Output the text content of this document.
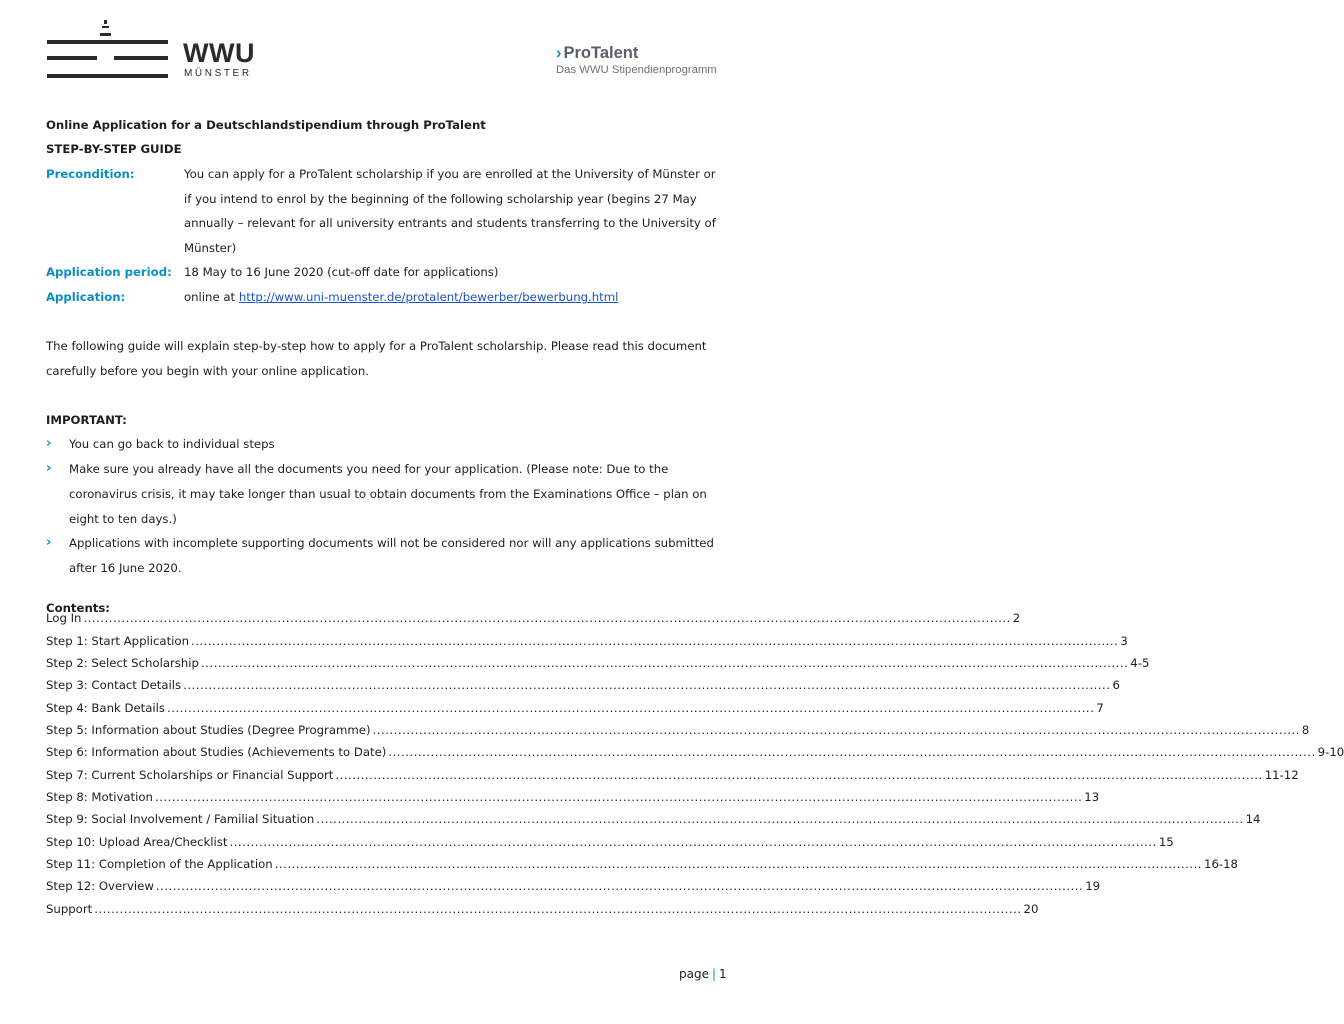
WWU
MÜNSTER
› ProTalent
Das WWU Stipendienprogramm
Online Application for a Deutschlandstipendium through ProTalent
STEP-BY-STEP GUIDE
Precondition:	You can apply for a ProTalent scholarship if you are enrolled at the University of Münster or
if you intend to enrol by the beginning of the following scholarship year (begins 27 May
annually – relevant for all university entrants and students transferring to the University of
Münster)
Application period: 18 May to 16 June 2020 (cut-off date for applications)
Application:	online at http://www.uni-muenster.de/protalent/bewerber/bewerbung.html
The following guide will explain step-by-step how to apply for a ProTalent scholarship. Please read this document
carefully before you begin with your online application.
IMPORTANT:
› You can go back to individual steps
› Make sure you already have all the documents you need for your application. (Please note: Due to the
coronavirus crisis, it may take longer than usual to obtain documents from the Examinations Office – plan on
eight to ten days.)
› Applications with incomplete supporting documents will not be considered nor will any applications submitted
after 16 June 2020.
Contents:
Log In ............................................................................................................................................................................................................................ 2
Step 1: Start Application ............................................................................................................................................................................................................................ 3
Step 2: Select Scholarship ............................................................................................................................................................................................................................ 4-5
Step 3: Contact Details ............................................................................................................................................................................................................................ 6
Step 4: Bank Details ............................................................................................................................................................................................................................ 7
Step 5: Information about Studies (Degree Programme) ............................................................................................................................................................................................................................ 8
Step 6: Information about Studies (Achievements to Date) ............................................................................................................................................................................................................................ 9-10
Step 7: Current Scholarships or Financial Support ............................................................................................................................................................................................................................ 11-12
Step 8: Motivation ............................................................................................................................................................................................................................ 13
Step 9: Social Involvement / Familial Situation ............................................................................................................................................................................................................................ 14
Step 10: Upload Area/Checklist ............................................................................................................................................................................................................................ 15
Step 11: Completion of the Application ............................................................................................................................................................................................................................ 16-18
Step 12: Overview ............................................................................................................................................................................................................................ 19
Support ............................................................................................................................................................................................................................ 20
page | 1
